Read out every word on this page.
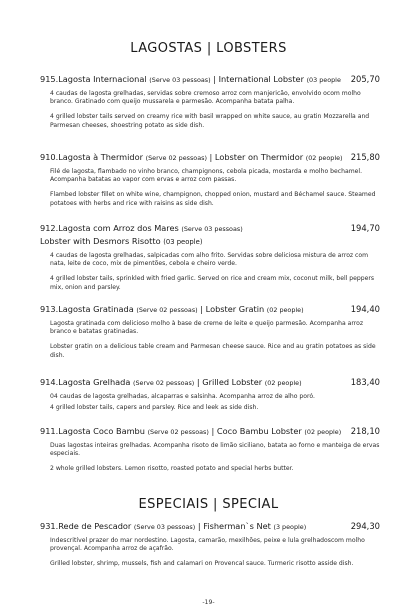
LAGOSTAS | LOBSTERS
915.Lagosta Internacional (Serve 03 pessoas) | International Lobster (03 people 205,70

4 caudas de lagosta grelhadas, servidas sobre cremoso arroz com manjericão, envolvido ocom molho branco. Gratinado com queijo mussarela e parmesão. Acompanha batata palha.

4 grilled lobster tails served on creamy rice with basil wrapped on white sauce, au gratin Mozzarella and Parmesan cheeses, shoestring potato as side dish.

910.Lagosta à Thermidor (Serve 02 pessoas) | Lobster on Thermidor (02 people) 215,80

Filé de lagosta, flambado no vinho branco, champignons, cebola picada, mostarda e molho bechamel. Acompanha batatas ao vapor com ervas e arroz com passas.

Flambed lobster fillet on white wine, champignon, chopped onion, mustard and Béchamel sauce. Steamed potatoes with herbs and rice with raisins as side dish.

912.Lagosta com Arroz dos Mares (Serve 03 pessoas)	194,70
Lobster with Desmors Risotto (03 people)

4 caudas de lagosta grelhadas, salpicadas com alho frito. Servidas sobre deliciosa mistura de arroz com nata, leite de coco, mix de pimentões, cebola e cheiro verde.

4 grilled lobster tails, sprinkled with fried garlic. Served on rice and cream mix, coconut milk, bell peppers mix, onion and parsley.

913.Lagosta Gratinada (Serve 02 pessoas) | Lobster Gratin (02 people)	194,40

Lagosta gratinada com delicioso molho à base de creme de leite e queijo parmesão. Acompanha arroz branco e batatas gratinadas.

Lobster gratin on a delicious table cream and Parmesan cheese sauce. Rice and au gratin potatoes as side dish.

914.Lagosta Grelhada (Serve 02 pessoas) | Grilled Lobster (02 people)	183,40

04 caudas de lagosta grelhadas, alcaparras e salsinha. Acompanha arroz de alho poró.

4 grilled lobster tails, capers and parsley. Rice and leek as side dish.

911.Lagosta Coco Bambu (Serve 02 pessoas) | Coco Bambu Lobster (02 people) 218,10

Duas lagostas inteiras grelhadas. Acompanha risoto de limão siciliano, batata ao forno e manteiga de ervas especiais.

2 whole grilled lobsters. Lemon risotto, roasted potato and special herbs butter.

ESPECIAIS | SPECIAL
931.Rede de Pescador (Serve 03 pessoas) | Fisherman`s Net (3 people)	294,30

Indescritível prazer do mar nordestino. Lagosta, camarão, mexilhões, peixe e lula grelhadoscom molho provençal. Acompanha arroz de açafrão.

Grilled lobster, shrimp, mussels, fish and calamari on Provencal sauce. Turmeric risotto asside dish.

-19-
